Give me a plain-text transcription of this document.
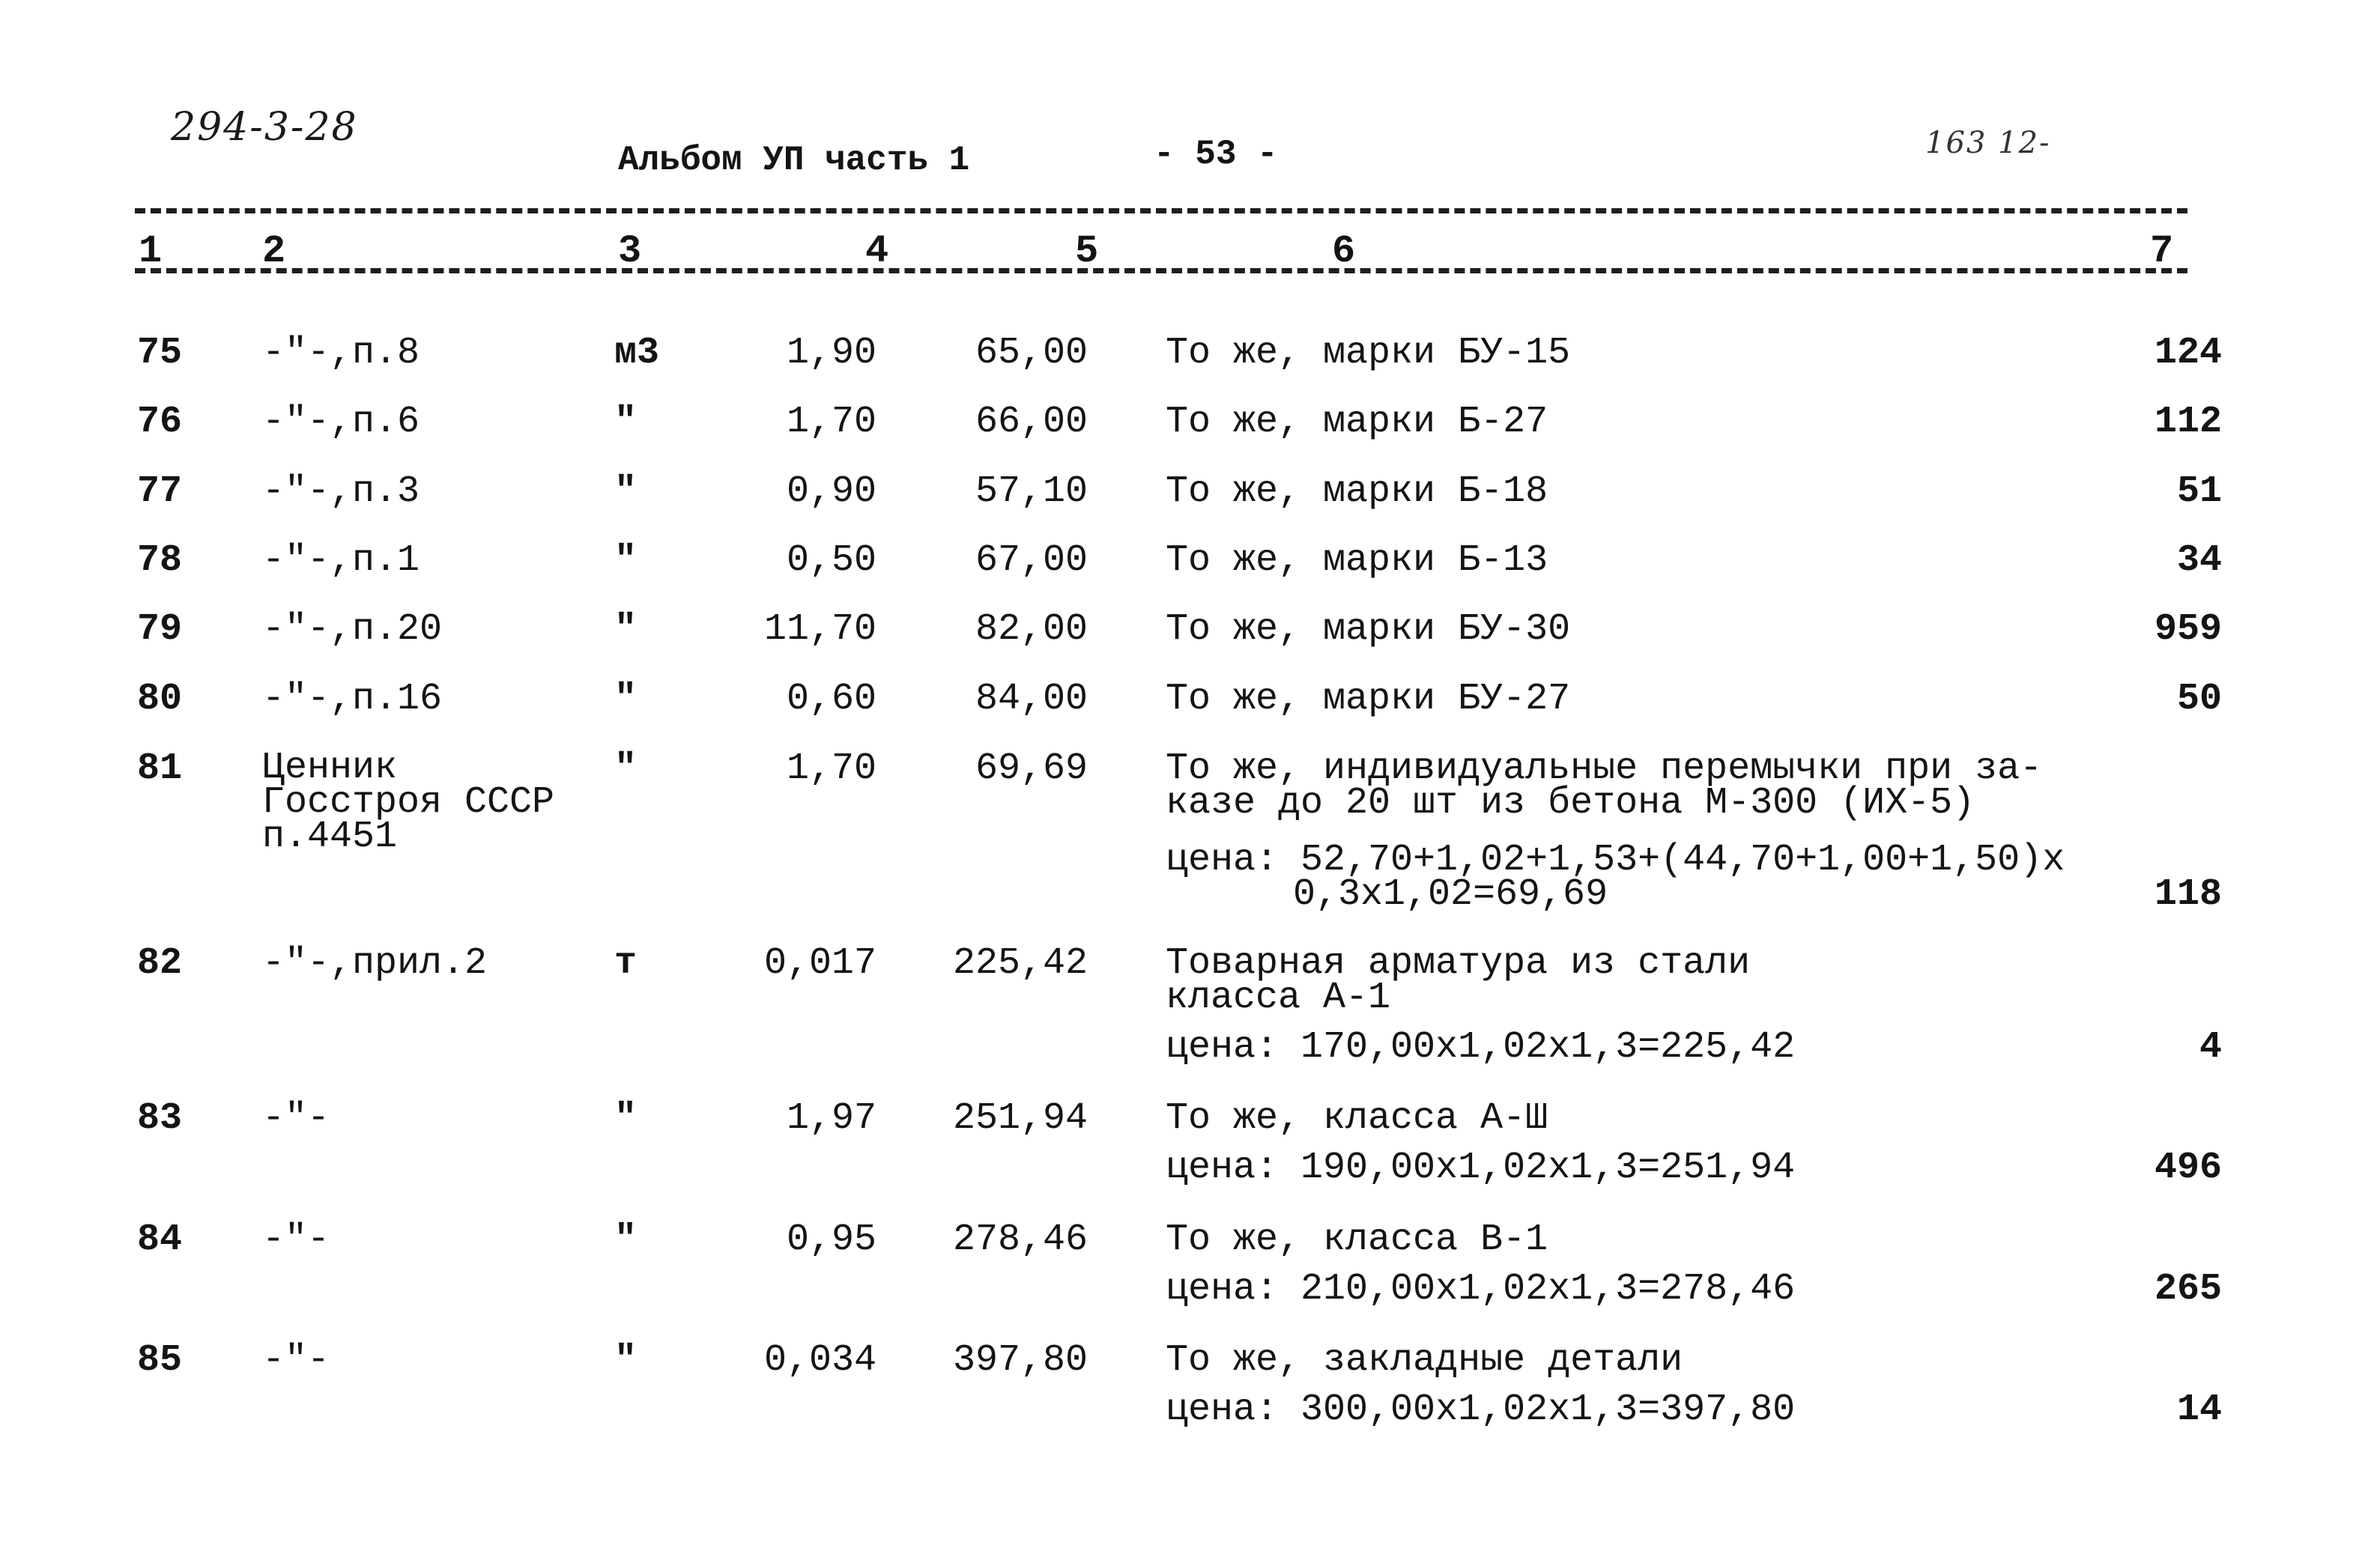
294-3-28
Альбом УП часть 1	- 53 -	163 12-
1	2	3	4	5	6	7
75 -"-,п.8	м3	1,90	65,00 То же, марки БУ-15	124
76 -"-,п.6	"	1,70	66,00 То же, марки Б-27	112
77 -"-,п.3	"	0,90	57,10 То же, марки Б-18	51
78 -"-,п.1	"	0,50	67,00 То же, марки Б-13	34
79 -"-,п.20	"	11,70	82,00 То же, марки БУ-30	959
80 -"-,п.16	"	0,60	84,00 То же, марки БУ-27	50
81 Ценник
Госстроя СССР
п.4451
"	1,70	69,69 То же, индивидуальные перемычки при за-
казе до 20 шт из бетона М-300 (ИХ-5)
цена: 52,70+1,02+1,53+(44,70+1,00+1,50)х
0,3х1,02=69,69	118
82 -"-,прил.2	т	0,017	225,42 Товарная арматура из стали
класса А-1
цена: 170,00х1,02х1,3=225,42	4
83 -"-	"	1,97	251,94 То же, класса А-Ш
цена: 190,00х1,02х1,3=251,94	496
84 -"-	"	0,95	278,46 То же, класса В-1
цена: 210,00х1,02х1,3=278,46	265
85 -"-	"	0,034	397,80 То же, закладные детали
цена: 300,00х1,02х1,3=397,80	14
